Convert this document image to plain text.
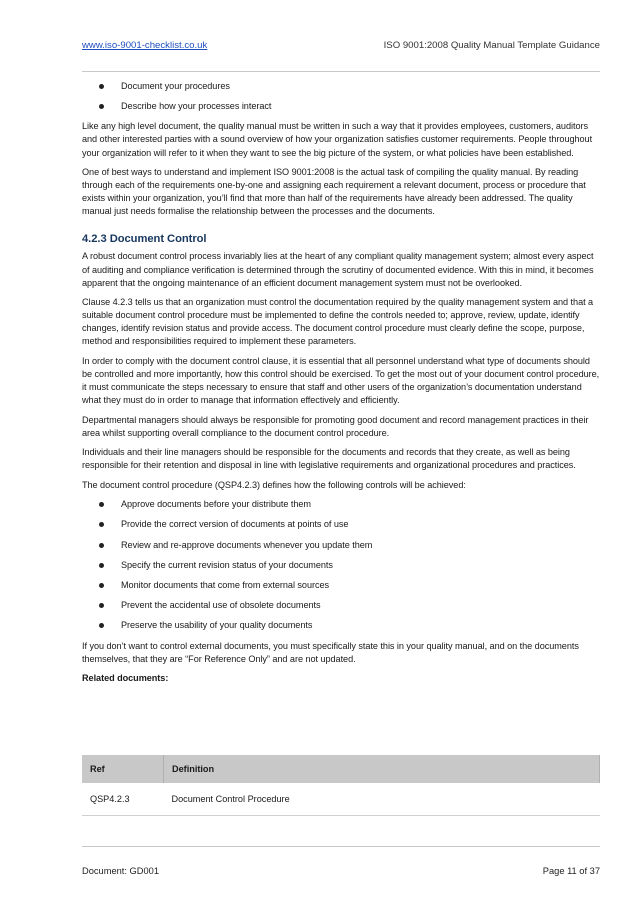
www.iso-9001-checklist.co.uk	ISO 9001:2008 Quality Manual Template Guidance
Document your procedures
Describe how your processes interact

Like any high level document, the quality manual must be written in such a way that it provides employees, customers, auditors and other interested parties with a sound overview of how your organization satisfies customer requirements. People throughout your organization will refer to it when they want to see the big picture of the system, or what policies have been established.

One of best ways to understand and implement ISO 9001:2008 is the actual task of compiling the quality manual. By reading through each of the requirements one-by-one and assigning each requirement a relevant document, process or procedure that exists within your organization, you’ll find that more than half of the requirements have already been addressed. The quality manual just needs formalise the relationship between the processes and the documents.

4.2.3 Document Control

A robust document control process invariably lies at the heart of any compliant quality management system; almost every aspect of auditing and compliance verification is determined through the scrutiny of documented evidence. With this in mind, it becomes apparent that the ongoing maintenance of an efficient document management system must not be overlooked.

Clause 4.2.3 tells us that an organization must control the documentation required by the quality management system and that a suitable document control procedure must be implemented to define the controls needed to; approve, review, update, identify changes, identify revision status and provide access. The document control procedure must clearly define the scope, purpose, method and responsibilities required to implement these parameters.

In order to comply with the document control clause, it is essential that all personnel understand what type of documents should be controlled and more importantly, how this control should be exercised. To get the most out of your document control procedure, it must communicate the steps necessary to ensure that staff and other users of the organization’s documentation understand what they must do in order to manage that information effectively and efficiently.

Departmental managers should always be responsible for promoting good document and record management practices in their area whilst supporting overall compliance to the document control procedure.

Individuals and their line managers should be responsible for the documents and records that they create, as well as being responsible for their retention and disposal in line with legislative requirements and organizational procedures and practices.

The document control procedure (QSP4.2.3) defines how the following controls will be achieved:

Approve documents before your distribute them
Provide the correct version of documents at points of use
Review and re-approve documents whenever you update them
Specify the current revision status of your documents
Monitor documents that come from external sources
Prevent the accidental use of obsolete documents
Preserve the usability of your quality documents

If you don’t want to control external documents, you must specifically state this in your quality manual, and on the documents themselves, that they are “For Reference Only” and are not updated.

Related documents:

Ref	Definition
QSP4.2.3	Document Control Procedure
Document: GD001	Page 11 of 37
